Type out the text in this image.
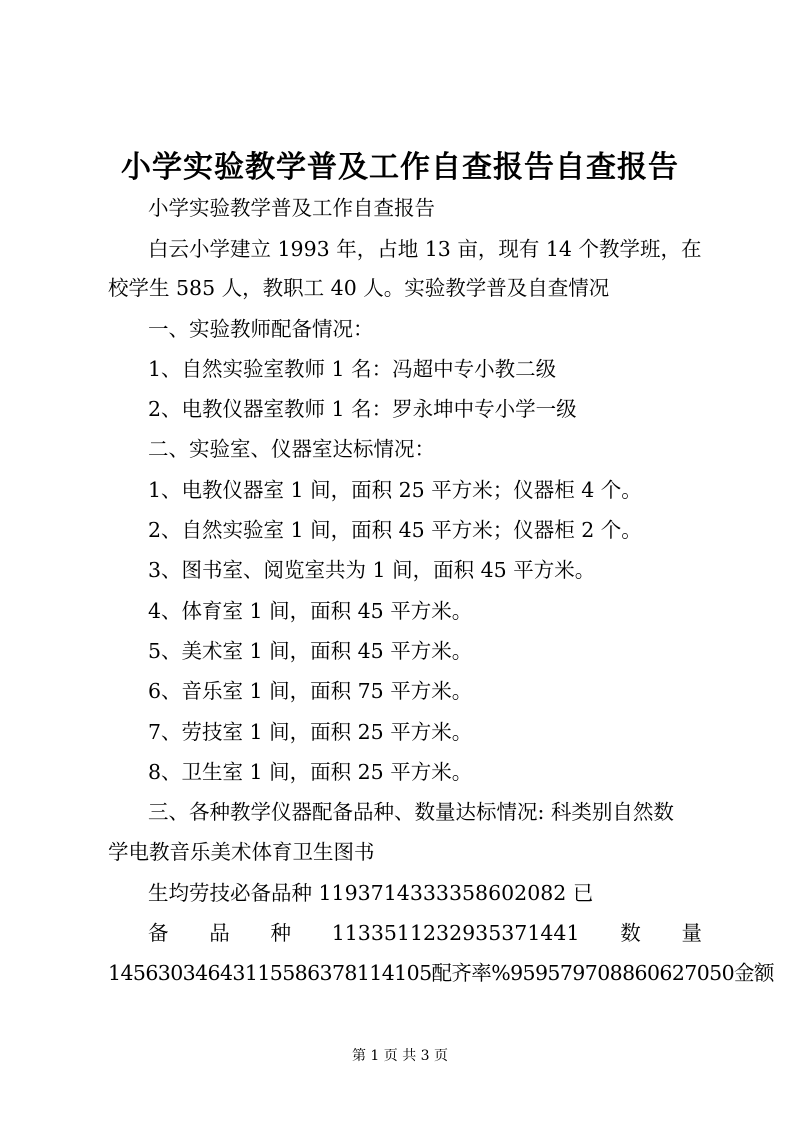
小学实验教学普及工作自查报告自查报告
小学实验教学普及工作自查报告
白云小学建立 1993 年，占地 13 亩，现有 14 个教学班，在
校学生 585 人，教职工 40 人。实验教学普及自查情况
一、实验教师配备情况：
1、自然实验室教师 1 名：冯超中专小教二级
2、电教仪器室教师 1 名：罗永坤中专小学一级
二、实验室、仪器室达标情况：
1、电教仪器室 1 间，面积 25 平方米；仪器柜 4 个。
2、自然实验室 1 间，面积 45 平方米；仪器柜 2 个。
3、图书室、阅览室共为 1 间，面积 45 平方米。
4、体育室 1 间，面积 45 平方米。
5、美术室 1 间，面积 45 平方米。
6、音乐室 1 间，面积 75 平方米。
7、劳技室 1 间，面积 25 平方米。
8、卫生室 1 间，面积 25 平方米。
三、各种教学仪器配备品种、数量达标情况: 科类别自然数
学电教音乐美术体育卫生图书
生均劳技必备品种 1193714333358602082 已
备 品 种 1133511232935371441 数 量
14563034643115586378114105配齐率%959579708860627050金额
第 1 页 共 3 页
